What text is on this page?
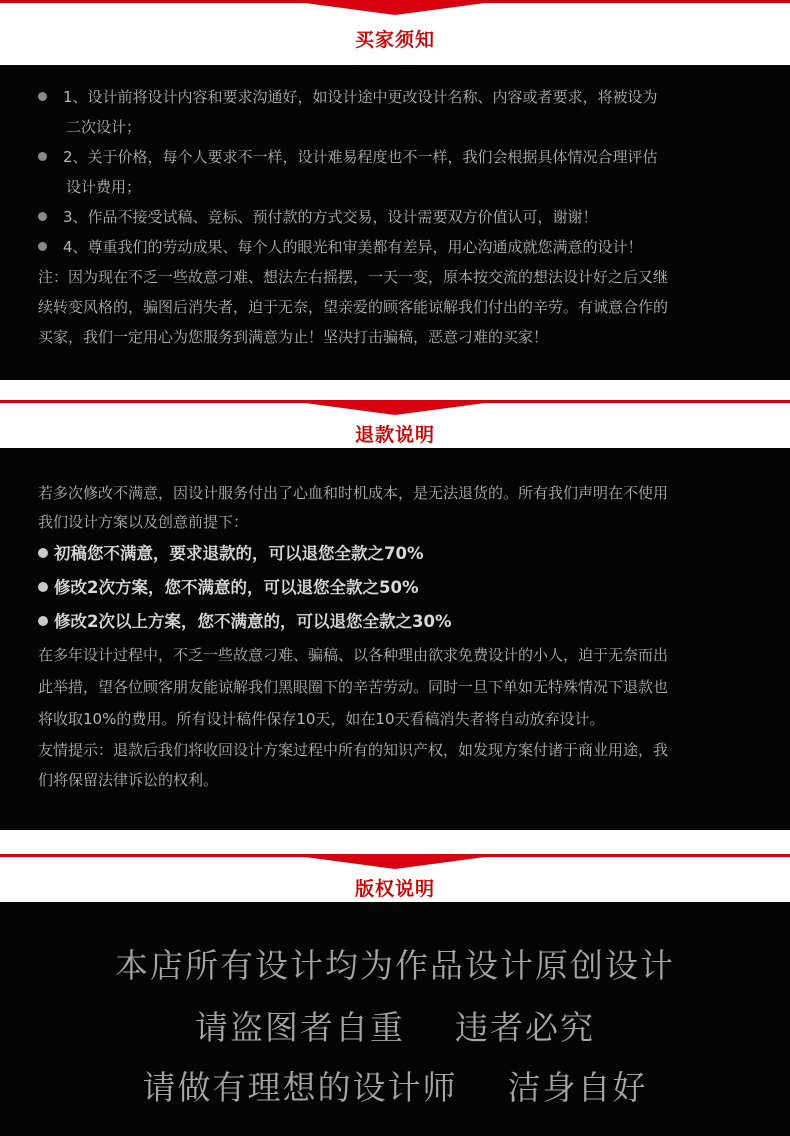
买家须知
1、设计前将设计内容和要求沟通好，如设计途中更改设计名称、内容或者要求，将被设为
二次设计；
2、关于价格，每个人要求不一样，设计难易程度也不一样，我们会根据具体情况合理评估
设计费用；
3、作品不接受试稿、竞标、预付款的方式交易，设计需要双方价值认可，谢谢！
4、尊重我们的劳动成果、每个人的眼光和审美都有差异，用心沟通成就您满意的设计！
注：因为现在不乏一些故意刁难、想法左右摇摆，一天一变，原本按交流的想法设计好之后又继
续转变风格的，骗图后消失者，迫于无奈，望亲爱的顾客能谅解我们付出的辛劳。有诚意合作的
买家，我们一定用心为您服务到满意为止！坚决打击骗稿，恶意刁难的买家！
退款说明
若多次修改不满意，因设计服务付出了心血和时机成本，是无法退货的。所有我们声明在不使用
我们设计方案以及创意前提下：
初稿您不满意，要求退款的，可以退您全款之70%
修改2次方案，您不满意的，可以退您全款之50%
修改2次以上方案，您不满意的，可以退您全款之30%
在多年设计过程中，不乏一些故意刁难、骗稿、以各种理由欲求免费设计的小人，迫于无奈而出
此举措，望各位顾客朋友能谅解我们黑眼圈下的辛苦劳动。同时一旦下单如无特殊情况下退款也
将收取10%的费用。所有设计稿件保存10天，如在10天看稿消失者将自动放弃设计。
友情提示：退款后我们将收回设计方案过程中所有的知识产权，如发现方案付诸于商业用途，我
们将保留法律诉讼的权利。
版权说明
本店所有设计均为作品设计原创设计
请盗图者自重    违者必究
请做有理想的设计师    洁身自好
